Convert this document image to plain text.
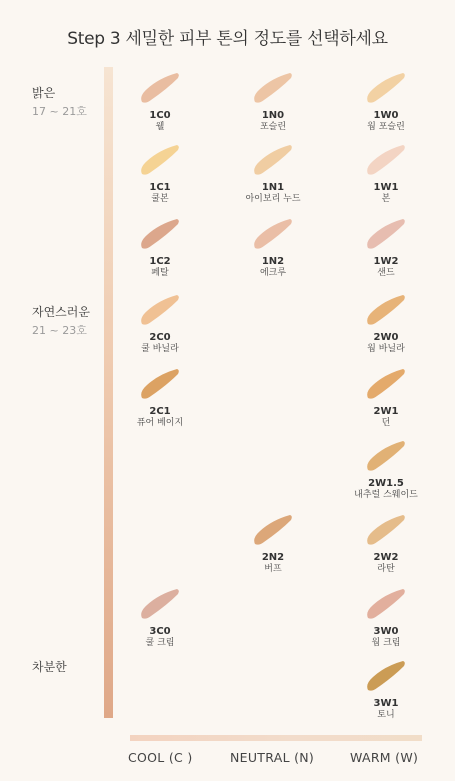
Step 3 세밀한 피부 톤의 정도를 선택하세요
밝은
17 ~ 21호
자연스러운
21 ~ 23호
차분한
1C0
웰
1N0
포슬린
1W0
웜 포슬린
1C1
쿨본
1N1
아이보리 누드
1W1
본
1C2
페탈
1N2
에크루
1W2
샌드
2C0
쿨 바닐라
2W0
웜 바닐라
2C1
퓨어 베이지
2W1
던
2W1.5
내추럴 스웨이드
2N2
버프
2W2
라탄
3C0
쿨 크림
3W0
웜 크림
3W1
토니
COOL (C )	NEUTRAL (N)	WARM (W)
